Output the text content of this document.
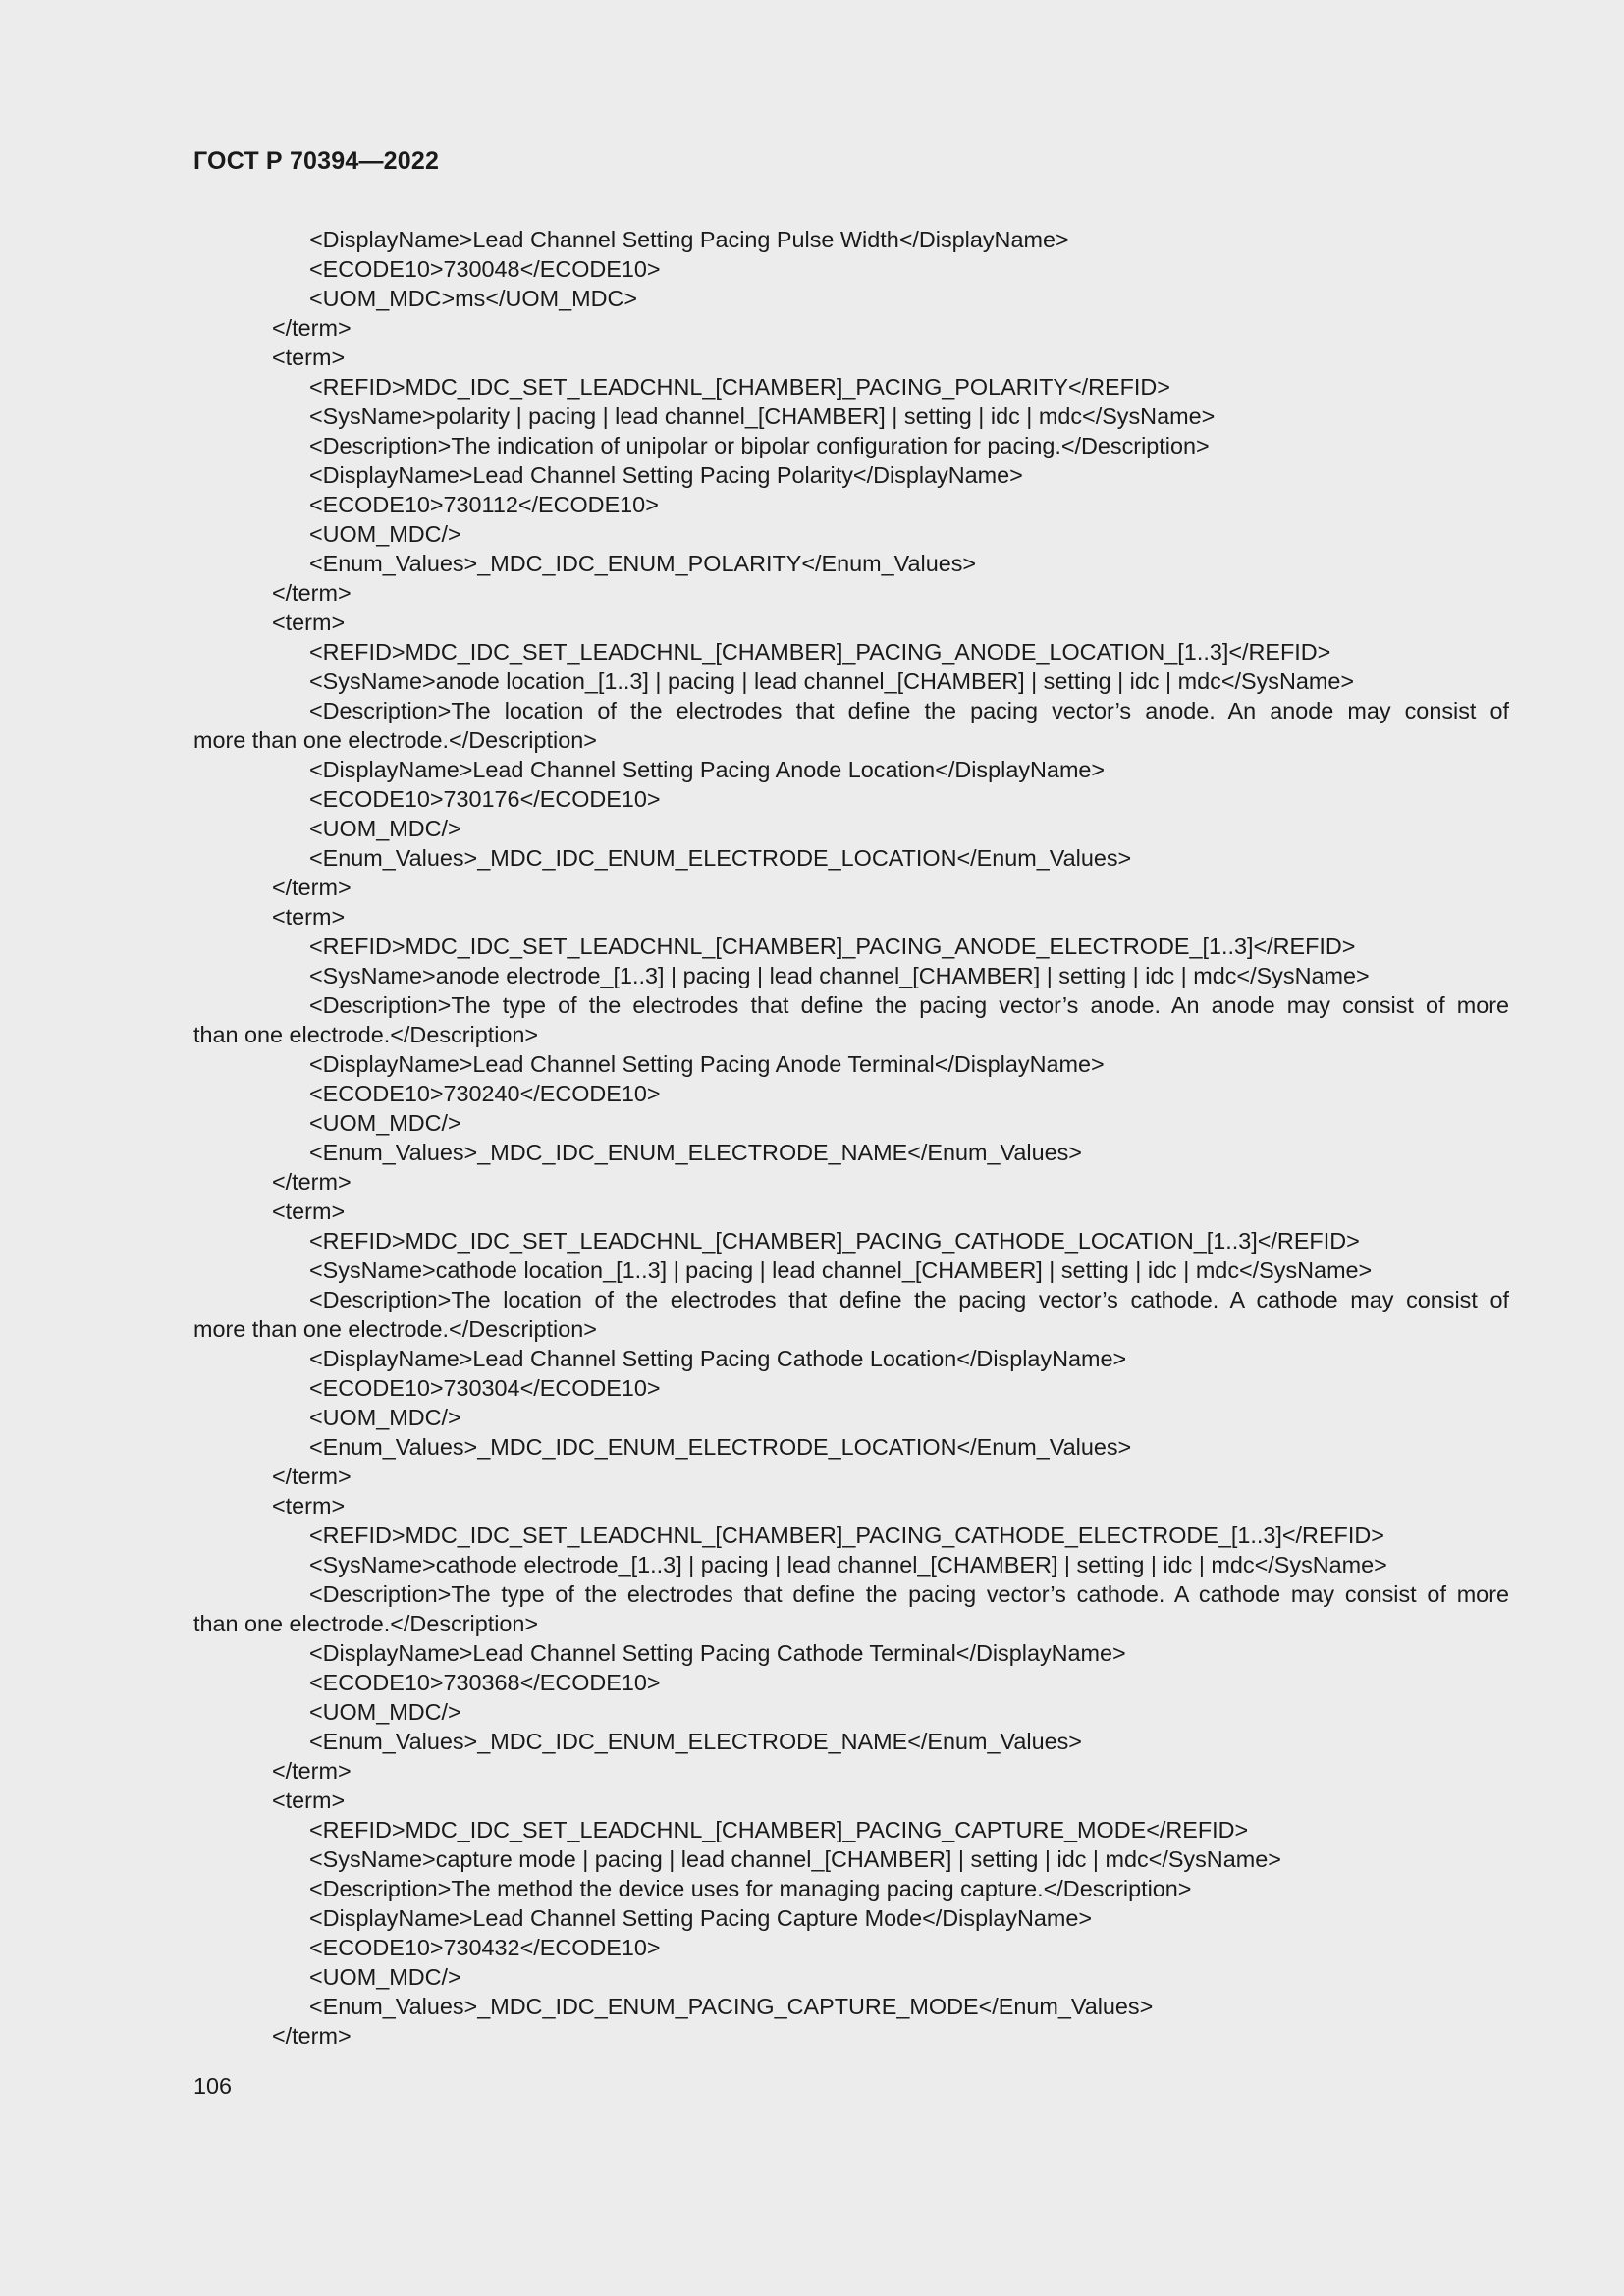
ГОСТ Р 70394—2022
<DisplayName>Lead Channel Setting Pacing Pulse Width</DisplayName>
<ECODE10>730048</ECODE10>
<UOM_MDC>ms</UOM_MDC>
</term>
<term>
<REFID>MDC_IDC_SET_LEADCHNL_[CHAMBER]_PACING_POLARITY</REFID>
<SysName>polarity | pacing | lead channel_[CHAMBER] | setting | idc | mdc</SysName>
<Description>The indication of unipolar or bipolar configuration for pacing.</Description>
<DisplayName>Lead Channel Setting Pacing Polarity</DisplayName>
<ECODE10>730112</ECODE10>
<UOM_MDC/>
<Enum_Values>_MDC_IDC_ENUM_POLARITY</Enum_Values>
</term>
<term>
<REFID>MDC_IDC_SET_LEADCHNL_[CHAMBER]_PACING_ANODE_LOCATION_[1..3]</REFID>
<SysName>anode location_[1..3] | pacing | lead channel_[CHAMBER] | setting | idc | mdc</SysName>
<Description>The location of the electrodes that define the pacing vector’s anode. An anode may consist of
more than one electrode.</Description>
<DisplayName>Lead Channel Setting Pacing Anode Location</DisplayName>
<ECODE10>730176</ECODE10>
<UOM_MDC/>
<Enum_Values>_MDC_IDC_ENUM_ELECTRODE_LOCATION</Enum_Values>
</term>
<term>
<REFID>MDC_IDC_SET_LEADCHNL_[CHAMBER]_PACING_ANODE_ELECTRODE_[1..3]</REFID>
<SysName>anode electrode_[1..3] | pacing | lead channel_[CHAMBER] | setting | idc | mdc</SysName>
<Description>The type of the electrodes that define the pacing vector’s anode. An anode may consist of more
than one electrode.</Description>
<DisplayName>Lead Channel Setting Pacing Anode Terminal</DisplayName>
<ECODE10>730240</ECODE10>
<UOM_MDC/>
<Enum_Values>_MDC_IDC_ENUM_ELECTRODE_NAME</Enum_Values>
</term>
<term>
<REFID>MDC_IDC_SET_LEADCHNL_[CHAMBER]_PACING_CATHODE_LOCATION_[1..3]</REFID>
<SysName>cathode location_[1..3] | pacing | lead channel_[CHAMBER] | setting | idc | mdc</SysName>
<Description>The location of the electrodes that define the pacing vector’s cathode. A cathode may consist of
more than one electrode.</Description>
<DisplayName>Lead Channel Setting Pacing Cathode Location</DisplayName>
<ECODE10>730304</ECODE10>
<UOM_MDC/>
<Enum_Values>_MDC_IDC_ENUM_ELECTRODE_LOCATION</Enum_Values>
</term>
<term>
<REFID>MDC_IDC_SET_LEADCHNL_[CHAMBER]_PACING_CATHODE_ELECTRODE_[1..3]</REFID>
<SysName>cathode electrode_[1..3] | pacing | lead channel_[CHAMBER] | setting | idc | mdc</SysName>
<Description>The type of the electrodes that define the pacing vector’s cathode. A cathode may consist of more
than one electrode.</Description>
<DisplayName>Lead Channel Setting Pacing Cathode Terminal</DisplayName>
<ECODE10>730368</ECODE10>
<UOM_MDC/>
<Enum_Values>_MDC_IDC_ENUM_ELECTRODE_NAME</Enum_Values>
</term>
<term>
<REFID>MDC_IDC_SET_LEADCHNL_[CHAMBER]_PACING_CAPTURE_MODE</REFID>
<SysName>capture mode | pacing | lead channel_[CHAMBER] | setting | idc | mdc</SysName>
<Description>The method the device uses for managing pacing capture.</Description>
<DisplayName>Lead Channel Setting Pacing Capture Mode</DisplayName>
<ECODE10>730432</ECODE10>
<UOM_MDC/>
<Enum_Values>_MDC_IDC_ENUM_PACING_CAPTURE_MODE</Enum_Values>
</term>
106
